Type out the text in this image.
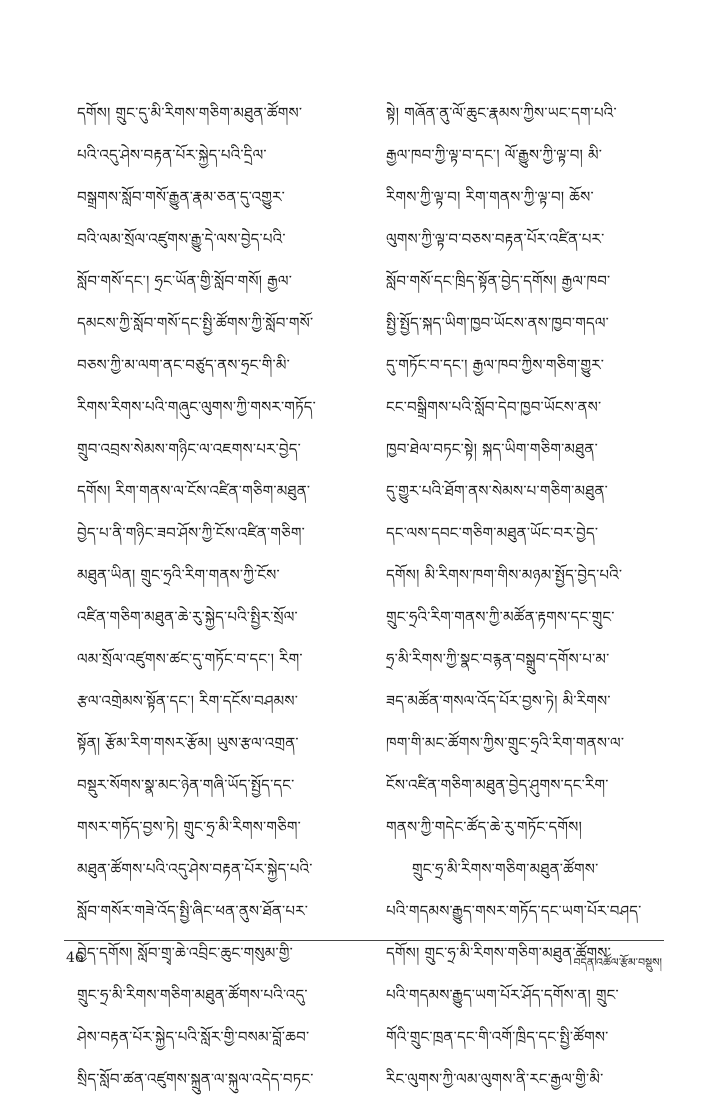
དགོས། གྲུང་དུ་མི་རིགས་གཅིག་མཐུན་ཚོགས་
པའི་འདུ་ཤེས་བརྟན་པོར་སྐྱེད་པའི་དྲིལ་
བསྒྲགས་སློབ་གསོ་རྒྱུན་རྣམ་ཅན་དུ་འགྱུར་
བའི་ལམ་སྲོལ་འཛུགས་རྒྱུ་དེ་ལས་བྱེད་པའི་
སློབ་གསོ་དང་། ཧྲང་ཡོན་གྱི་སློབ་གསོ། རྒྱལ་
དམངས་ཀྱི་སློབ་གསོ་དང་སྤྱི་ཚོགས་ཀྱི་སློབ་གསོ་
བཅས་ཀྱི་མ་ལག་ནང་བཙུད་ནས་ཧྲང་གི་མི་
རིགས་རིགས་པའི་གཞུང་ལུགས་ཀྱི་གསར་གཏོད་
གྲུབ་འབྲས་སེམས་གཉིང་ལ་འཇགས་པར་བྱེད་
དགོས། རིག་གནས་ལ་ངོས་འཛིན་གཅིག་མཐུན་
བྱེད་པ་ནི་གཉིང་ཟབ་ཤོས་ཀྱི་ངོས་འཛིན་གཅིག་
མཐུན་ཡིན། གྲུང་ཧྲའི་རིག་གནས་ཀྱི་ངོས་
འཛིན་གཅིག་མཐུན་ཆེ་རུ་སྐྱེད་པའི་སྤྱིར་སྲོལ་
ལམ་སྲོལ་འཛུགས་ཚང་དུ་གཏོང་བ་དང་། རིག་
རྩལ་འགྲེམས་སྟོན་དང་། རིག་དངོས་བཤམས་
སྟོན། རྩོམ་རིག་གསར་རྩོམ། ཡུས་རྩལ་འགྲན་
བསྡུར་སོགས་སྣ་མང་ཉེན་གཞི་ཡོད་སྤྱོད་དང་
གསར་གཏོད་བྱས་ཏེ། གྲུང་ཧྲ་མི་རིགས་གཅིག་
མཐུན་ཚོགས་པའི་འདུ་ཤེས་བརྟན་པོར་སྐྱེད་པའི་
སློབ་གསོར་གཟེ་འོད་སྤྱི་ཞིང་ཕན་ནུས་ཐོན་པར་
བྱེད་དགོས། སློབ་གྲྭ་ཆེ་འབྲིང་ཆུང་གསུམ་གྱི་
གྲུང་ཧྲ་མི་རིགས་གཅིག་མཐུན་ཚོགས་པའི་འདུ་
ཤེས་བརྟན་པོར་སྐྱེད་པའི་སློར་གྱི་བསམ་བློ་ཆབ་
སྲིད་སློབ་ཚན་འཛུགས་སྐྲུན་ལ་སྐུལ་འདེད་བཏང་
སྟེ། གཞོན་ནུ་ལོ་ཆུང་རྣམས་ཀྱིས་ཡང་དག་པའི་
རྒྱལ་ཁབ་ཀྱི་ལྟ་བ་དང་། ལོ་རྒྱུས་ཀྱི་ལྟ་བ། མི་
རིགས་ཀྱི་ལྟ་བ། རིག་གནས་ཀྱི་ལྟ་བ། ཆོས་
ལུགས་ཀྱི་ལྟ་བ་བཅས་བརྟན་པོར་འཛིན་པར་
སློབ་གསོ་དང་ཁྲིད་སྟོན་བྱེད་དགོས། རྒྱལ་ཁབ་
སྤྱི་སྤྱོད་སྐད་ཡིག་ཁྱབ་ཡོངས་ནས་ཁྱབ་གདལ་
དུ་གཏོང་བ་དང་། རྒྱལ་ཁབ་ཀྱིས་གཅིག་གྱུར་
ངང་བསྒྲིགས་པའི་སློབ་དེབ་ཁྱབ་ཡོངས་ནས་
ཁྱབ་ཐེལ་བཏང་སྟེ། སྐད་ཡིག་གཅིག་མཐུན་
དུ་གྱུར་པའི་ཐོག་ནས་སེམས་པ་གཅིག་མཐུན་
དང་ལས་དབང་གཅིག་མཐུན་ཡོང་བར་བྱེད་
དགོས། མི་རིགས་ཁག་གིས་མཉམ་སྤྱོད་བྱེད་པའི་
གྲུང་ཧྲའི་རིག་གནས་ཀྱི་མཚོན་རྟགས་དང་གྲུང་
ཧྲ་མི་རིགས་ཀྱི་སྣང་བརྙན་བསྒྲུབ་དགོས་པ་མ་
ཟད་མཚོན་གསལ་འོད་པོར་བྱས་ཏེ། མི་རིགས་
ཁག་གི་མང་ཚོགས་ཀྱིས་གྲུང་ཧྲའི་རིག་གནས་ལ་
ངོས་འཛིན་གཅིག་མཐུན་བྱེད་ཤུགས་དང་རིག་
གནས་ཀྱི་གདེང་ཚོད་ཆེ་རུ་གཏོང་དགོས།
གྲུང་ཧྲ་མི་རིགས་གཅིག་མཐུན་ཚོགས་
པའི་གདམས་རྒྱུད་གསར་གཏོད་དང་ཡག་པོར་བཤད་
དགོས། གྲུང་ཧྲ་མི་རིགས་གཅིག་མཐུན་ཚོགས་
པའི་གདམས་རྒྱུད་ཡག་པོར་ཤོད་དགོས་ན། གྲུང་
གོའི་གྲུང་ཁྲན་དང་གི་འགོ་ཁྲིད་དང་སྤྱི་ཚོགས་
རིང་ལུགས་ཀྱི་ལམ་ལུགས་ནི་རང་རྒྱལ་གྱི་མི་
46	བདེན་འཚོལ་རྩོམ་བསྡུས།
